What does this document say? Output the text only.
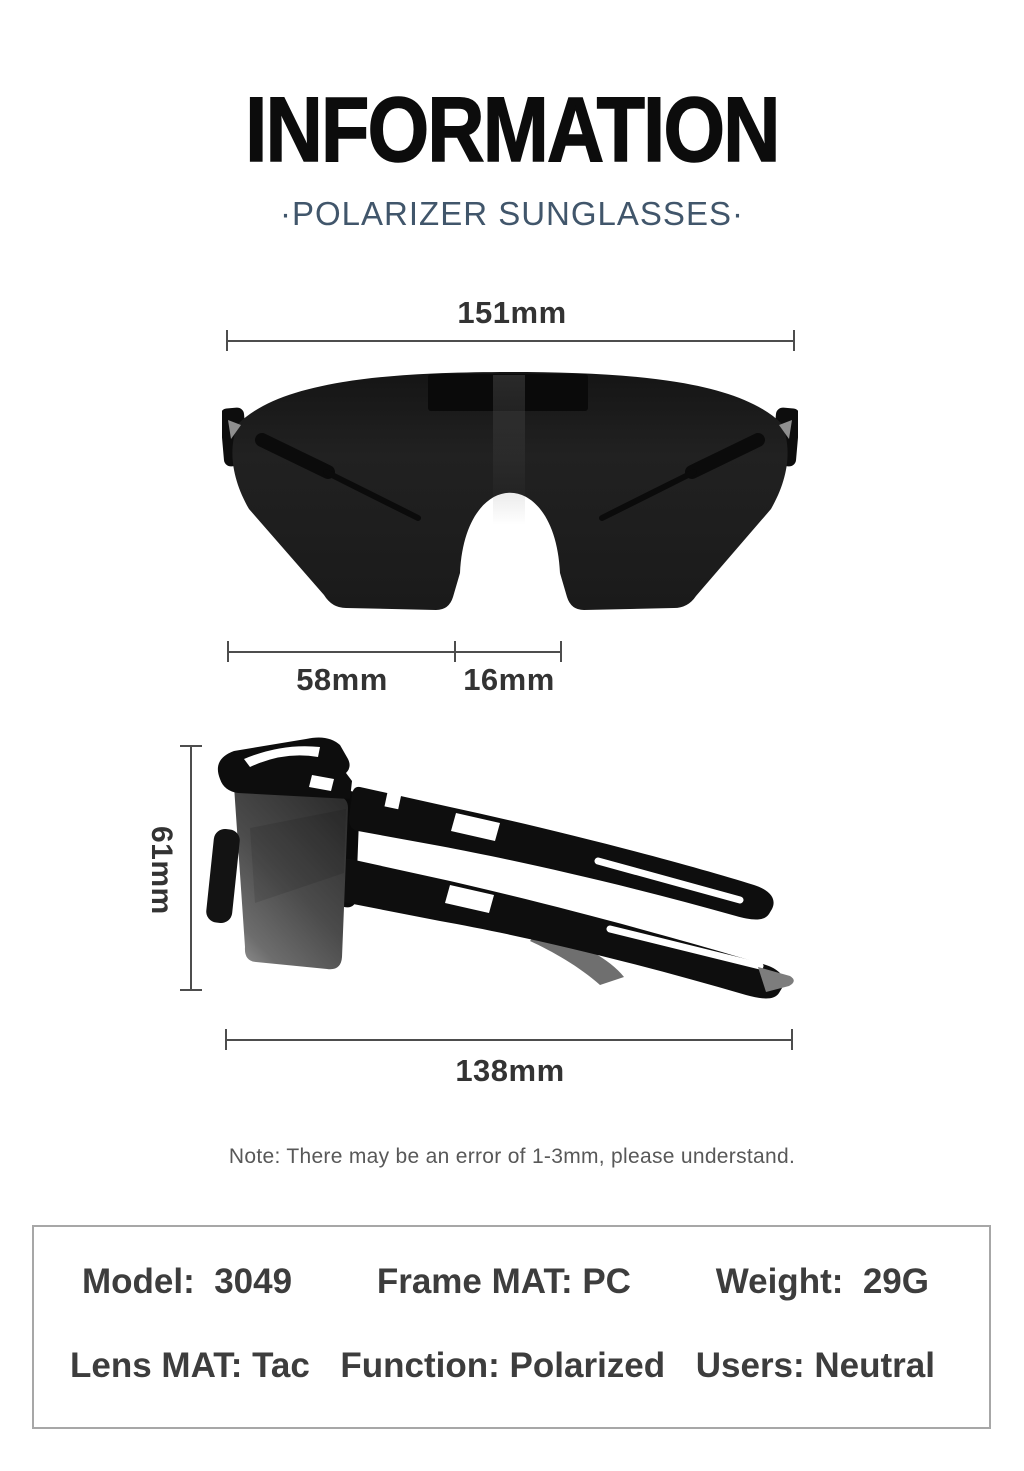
INFORMATION
·POLARIZER SUNGLASSES·
151mm
58mm	16mm
61mm
138mm
Note: There may be an error of 1-3mm, please understand.
Model:  3049 Frame MAT: PC Weight:  29G
Lens MAT: Tac Function: Polarized Users: Neutral
